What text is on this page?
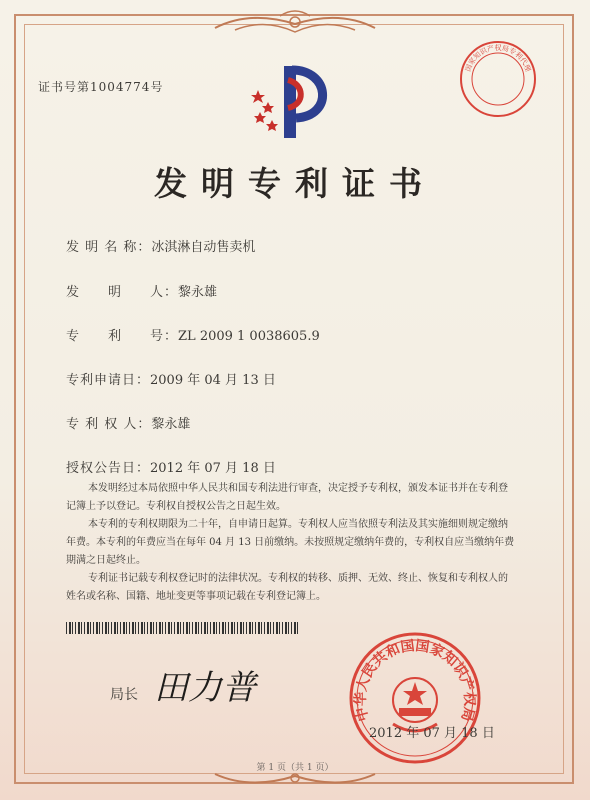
证书号第1004774号
国家知识产权局专利代理
发明专利证书
发 明 名 称：冰淇淋自动售卖机
发　　明　　人：黎永雄
专　　利　　号：ZL 2009 1 0038605.9
专利申请日：2009 年 04 月 13 日
专 利 权 人：黎永雄
授权公告日：2012 年 07 月 18 日

本发明经过本局依照中华人民共和国专利法进行审查，决定授予专利权，颁发本证书并在专利登记簿上予以登记。专利权自授权公告之日起生效。

本专利的专利权期限为二十年，自申请日起算。专利权人应当依照专利法及其实施细则规定缴纳年费。本专利的年费应当在每年 04 月 13 日前缴纳。未按照规定缴纳年费的，专利权自应当缴纳年费期满之日起终止。

专利证书记载专利权登记时的法律状况。专利权的转移、质押、无效、终止、恢复和专利权人的姓名或名称、国籍、地址变更等事项记载在专利登记簿上。

局长 田力普
中华人民共和国国家知识产权局
2012 年 07 月 18 日
第 1 页（共 1 页）
